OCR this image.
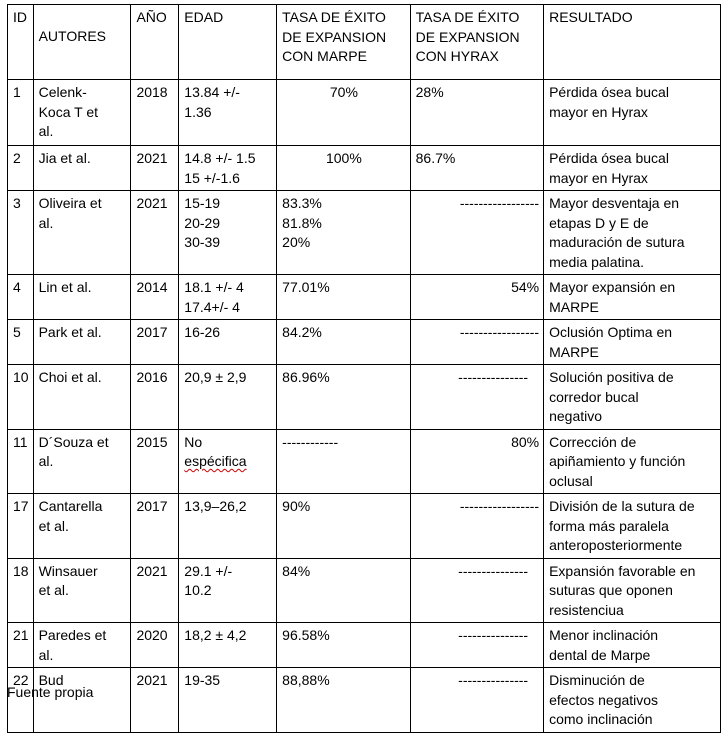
ID	AUTORES	AÑO	EDAD	TASA DE ÉXITO
DE EXPANSION
CON MARPE	TASA DE ÉXITO
DE EXPANSION
CON HYRAX	RESULTADO
1	Celenk-
Koca T et
al.	2018	13.84 +/-
1.36	70%	28%	Pérdida ósea bucal
mayor en Hyrax
2	Jia et al.	2021	14.8 +/- 1.5
15 +/-1.6	100%	86.7%	Pérdida ósea bucal
mayor en Hyrax
3	Oliveira et
al.	2021	15-19
20-29
30-39	83.3%
81.8%
20%	-----------------	Mayor desventaja en
etapas D y E de
maduración de sutura
media palatina.
4	Lin et al.	2014	18.1 +/- 4
17.4+/- 4	77.01%	54%	Mayor expansión en
MARPE
5	Park et al.	2017	16-26	84.2%	-----------------	Oclusión Optima en
MARPE
10	Choi et al.	2016	20,9 ± 2,9	86.96%	---------------	Solución positiva de
corredor bucal
negativo
11	D´Souza et
al.	2015	No
espécifica	------------	80%	Corrección de
apiñamiento y función
oclusal
17	Cantarella
et al.	2017	13,9–26,2	90%	-----------------	División de la sutura de
forma más paralela
anteroposteriormente
18	Winsauer
et al.	2021	29.1 +/-
10.2	84%	---------------	Expansión favorable en
suturas que oponen
resistenciua
21	Paredes et
al.	2020	18,2 ± 4,2	96.58%	---------------	Menor inclinación
dental de Marpe
22	Bud	2021	19-35	88,88%	---------------	Disminución de
efectos negativos
como inclinación
Fuente propia
